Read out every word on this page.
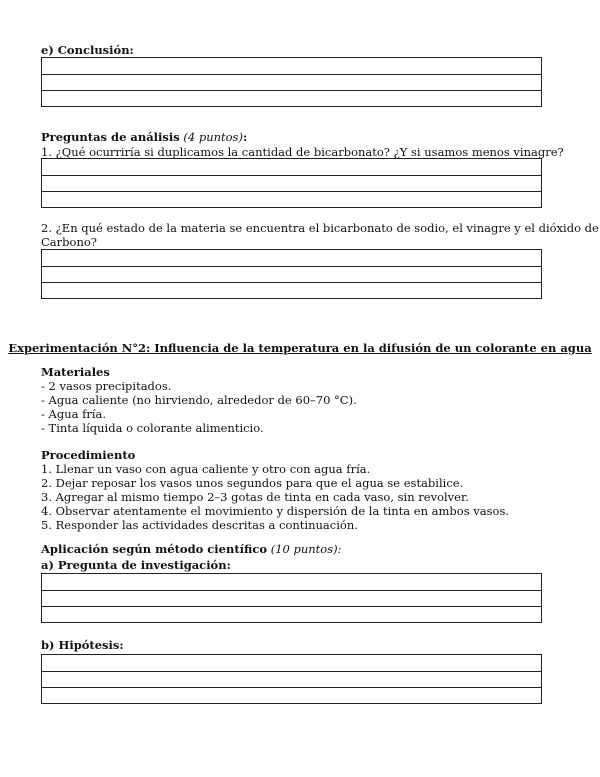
e) Conclusión:
Preguntas de análisis (4 puntos):
1. ¿Qué ocurriría si duplicamos la cantidad de bicarbonato? ¿Y si usamos menos vinagre?
2. ¿En qué estado de la materia se encuentra el bicarbonato de sodio, el vinagre y el dióxido de
Carbono?
Experimentación N°2: Influencia de la temperatura en la difusión de un colorante en agua
Materiales
- 2 vasos precipitados.
- Agua caliente (no hirviendo, alrededor de 60–70 °C).
- Agua fría.
- Tinta líquida o colorante alimenticio.
Procedimiento
1. Llenar un vaso con agua caliente y otro con agua fría.
2. Dejar reposar los vasos unos segundos para que el agua se estabilice.
3. Agregar al mismo tiempo 2–3 gotas de tinta en cada vaso, sin revolver.
4. Observar atentamente el movimiento y dispersión de la tinta en ambos vasos.
5. Responder las actividades descritas a continuación.
Aplicación según método científico (10 puntos):
a) Pregunta de investigación:
b) Hipótesis:
